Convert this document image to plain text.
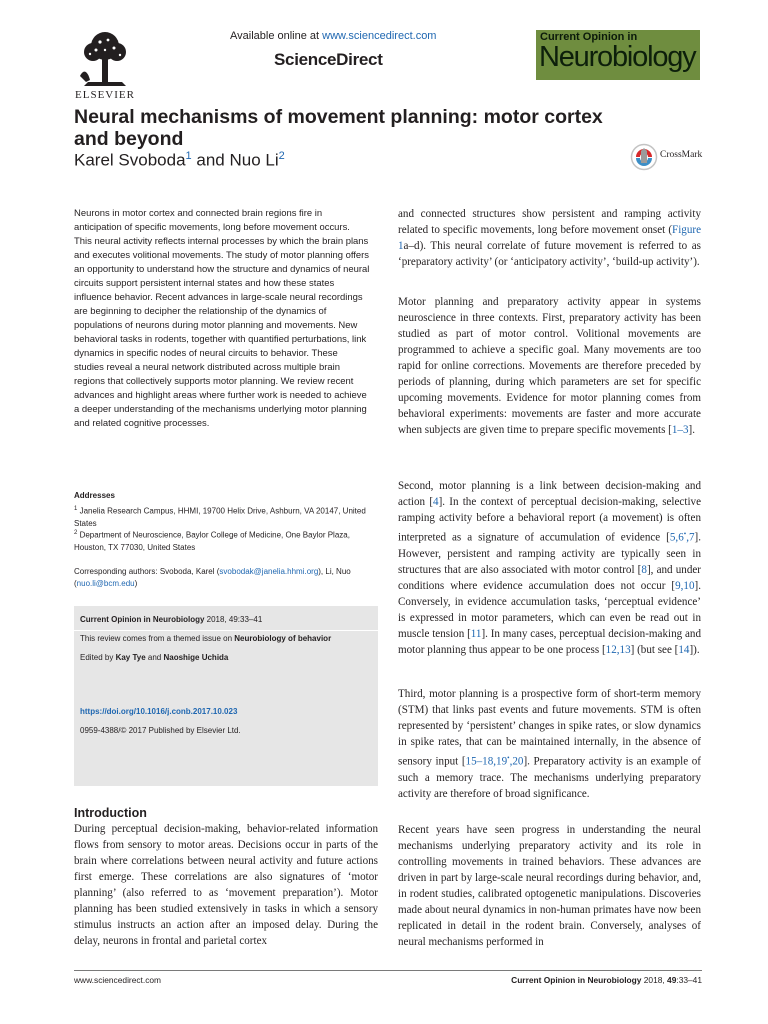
ELSEVIER
Available online at www.sciencedirect.com
ScienceDirect
Current Opinion in
Neurobiology
Neural mechanisms of movement planning: motor cortex and beyond
Karel Svoboda$^1$ and Nuo Li$^2$	CrossMark
Neurons in motor cortex and connected brain regions fire in anticipation of specific movements, long before movement occurs. This neural activity reflects internal processes by which the brain plans and executes volitional movements. The study of motor planning offers an opportunity to understand how the structure and dynamics of neural circuits support persistent internal states and how these states influence behavior. Recent advances in large-scale neural recordings are beginning to decipher the relationship of the dynamics of populations of neurons during motor planning and movements. New behavioral tasks in rodents, together with quantified perturbations, link dynamics in specific nodes of neural circuits to behavior. These studies reveal a neural network distributed across multiple brain regions that collectively supports motor planning. We review recent advances and highlight areas where further work is needed to achieve a deeper understanding of the mechanisms underlying motor planning and related cognitive processes.
Addresses
$^1$ Janelia Research Campus, HHMI, 19700 Helix Drive, Ashburn, VA 20147, United States
$^2$ Department of Neuroscience, Baylor College of Medicine, One Baylor Plaza, Houston, TX 77030, United States
Corresponding authors: Svoboda, Karel (svobodak@janelia.hhmi.org), Li, Nuo (nuo.li@bcm.edu)
Current Opinion in Neurobiology 2018, 49:33–41
This review comes from a themed issue on Neurobiology of behavior
Edited by Kay Tye and Naoshige Uchida
https://doi.org/10.1016/j.conb.2017.10.023
0959-4388/© 2017 Published by Elsevier Ltd.
Introduction
During perceptual decision-making, behavior-related information flows from sensory to motor areas. Decisions occur in parts of the brain where correlations between neural activity and future actions first emerge. These correlations are also signatures of ‘motor planning’ (also referred to as ‘movement preparation’). Motor planning has been studied extensively in tasks in which a sensory stimulus instructs an action after an imposed delay. During the delay, neurons in frontal and parietal cortex
and connected structures show persistent and ramping activity related to specific movements, long before movement onset (Figure 1a–d). This neural correlate of future movement is referred to as ‘preparatory activity’ (or ‘anticipatory activity’, ‘build-up activity’).
Motor planning and preparatory activity appear in systems neuroscience in three contexts. First, preparatory activity has been studied as part of motor control. Volitional movements are programmed to achieve a specific goal. Many movements are too rapid for online corrections. Movements are therefore preceded by periods of planning, during which parameters are set for specific upcoming movements. Evidence for motor planning comes from behavioral experiments: movements are faster and more accurate when subjects are given time to prepare specific movements [1–3].
Second, motor planning is a link between decision-making and action [4]. In the context of perceptual decision-making, selective ramping activity before a behavioral report (a movement) is often interpreted as a signature of accumulation of evidence [5,6•,7]. However, persistent and ramping activity are typically seen in structures that are also associated with motor control [8], and under conditions where evidence accumulation does not occur [9,10]. Conversely, in evidence accumulation tasks, ‘perceptual evidence’ is expressed in motor parameters, which can even be read out in muscle tension [11]. In many cases, perceptual decision-making and motor planning thus appear to be one process [12,13] (but see [14]).
Third, motor planning is a prospective form of short-term memory (STM) that links past events and future movements. STM is often represented by ‘persistent’ changes in spike rates, or slow dynamics in spike rates, that can be maintained internally, in the absence of sensory input [15–18,19•,20]. Preparatory activity is an example of such a memory trace. The mechanisms underlying preparatory activity are therefore of broad significance.
Recent years have seen progress in understanding the neural mechanisms underlying preparatory activity and its role in controlling movements in trained behaviors. These advances are driven in part by large-scale neural recordings during behavior, and, in rodent studies, calibrated optogenetic manipulations. Discoveries made about neural dynamics in non-human primates have now been replicated in detail in the rodent brain. Conversely, analyses of neural mechanisms performed in
www.sciencedirect.com	Current Opinion in Neurobiology 2018, 49:33–41
